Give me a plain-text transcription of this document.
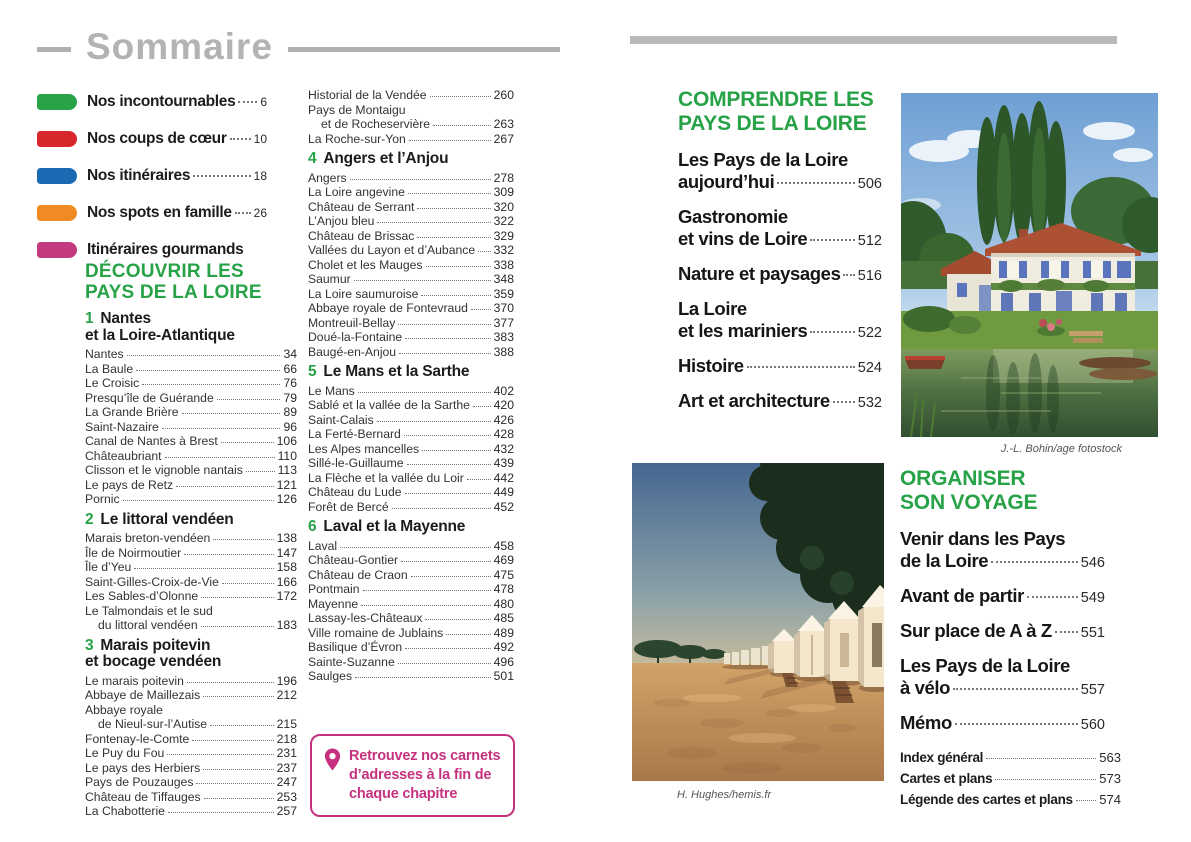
Sommaire
Nos incontournables 6
Nos coups de cœur 10
Nos itinéraires	18
Nos spots en famille 26
Itinéraires gourmands
DÉCOUVRIR LES
PAYS DE LA LOIRE
1 Nantes
et la Loire-Atlantique
Nantes	34
La Baule	66
Le Croisic	76
Presqu’île de Guérande	79
La Grande Brière	89
Saint-Nazaire	96
Canal de Nantes à Brest	106
Châteaubriant	110
Clisson et le vignoble nantais	113
Le pays de Retz	121
Pornic	126
2 Le littoral vendéen
Marais breton-vendéen	138
Île de Noirmoutier	147
Île d’Yeu	158
Saint-Gilles-Croix-de-Vie	166
Les Sables-d’Olonne	172
Le Talmondais et le sud
du littoral vendéen	183
3 Marais poitevin
et bocage vendéen
Le marais poitevin	196
Abbaye de Maillezais	212
Abbaye royale
de Nieul-sur-l’Autise	215
Fontenay-le-Comte	218
Le Puy du Fou	231
Le pays des Herbiers	237
Pays de Pouzauges	247
Château de Tiffauges	253
La Chabotterie	257
Historial de la Vendée	260
Pays de Montaigu
et de Rocheservière	263
La Roche-sur-Yon	267
4 Angers et l’Anjou
Angers	278
La Loire angevine	309
Château de Serrant	320
L’Anjou bleu	322
Château de Brissac	329
Vallées du Layon et d’Aubance 332
Cholet et les Mauges	338
Saumur	348
La Loire saumuroise	359
Abbaye royale de Fontevraud 370
Montreuil-Bellay	377
Doué-la-Fontaine	383
Baugé-en-Anjou	388
5 Le Mans et la Sarthe
Le Mans	402
Sablé et la vallée de la Sarthe 420
Saint-Calais	426
La Ferté-Bernard	428
Les Alpes mancelles	432
Sillé-le-Guillaume	439
La Flèche et la vallée du Loir 442
Château du Lude	449
Forêt de Bercé	452
6 Laval et la Mayenne
Laval	458
Château-Gontier	469
Château de Craon	475
Pontmain	478
Mayenne	480
Lassay-les-Châteaux	485
Ville romaine de Jublains	489
Basilique d’Évron	492
Sainte-Suzanne	496
Saulges	501
Retrouvez nos carnets d’adresses à la fin de chaque chapitre
COMPRENDRE LES
PAYS DE LA LOIRE
Les Pays de la Loire
aujourd’hui	506
Gastronomie
et vins de Loire	512
Nature et paysages 516
La Loire
et les mariniers	522
Histoire	524
Art et architecture 532
J.-L. Bohin/age fotostock
H. Hughes/hemis.fr
ORGANISER
SON VOYAGE
Venir dans les Pays
de la Loire	546
Avant de partir	549
Sur place de A à Z 551
Les Pays de la Loire
à vélo	557
Mémo	560
Index général	563
Cartes et plans	573
Légende des cartes et plans 574
